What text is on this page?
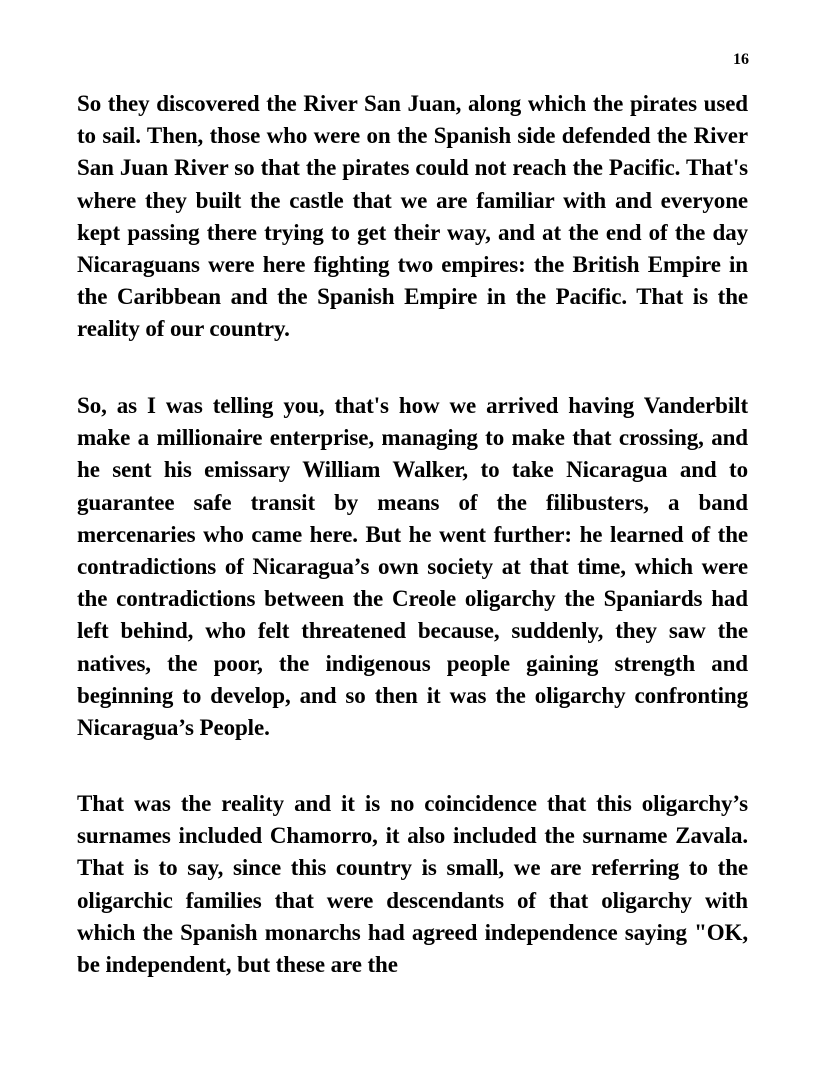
16

So they discovered the River San Juan, along which the pirates used to sail. Then, those who were on the Spanish side defended the River San Juan River so that the pirates could not reach the Pacific. That's where they built the castle that we are familiar with and everyone kept passing there trying to get their way, and at the end of the day Nicaraguans were here fighting two empires: the British Empire in the Caribbean and the Spanish Empire in the Pacific. That is the reality of our country.

So, as I was telling you, that's how we arrived having Vanderbilt make a millionaire enterprise, managing to make that crossing, and he sent his emissary William Walker, to take Nicaragua and to guarantee safe transit by means of the filibusters, a band mercenaries who came here. But he went further: he learned of the contradictions of Nicaragua’s own society at that time, which were the contradictions between the Creole oligarchy the Spaniards had left behind, who felt threatened because, suddenly, they saw the natives, the poor, the indigenous people gaining strength and beginning to develop, and so then it was the oligarchy confronting Nicaragua’s People.

That was the reality and it is no coincidence that this oligarchy’s surnames included Chamorro, it also included the surname Zavala. That is to say, since this country is small, we are referring to the oligarchic families that were descendants of that oligarchy with which the Spanish monarchs had agreed independence saying "OK, be independent, but these are the
